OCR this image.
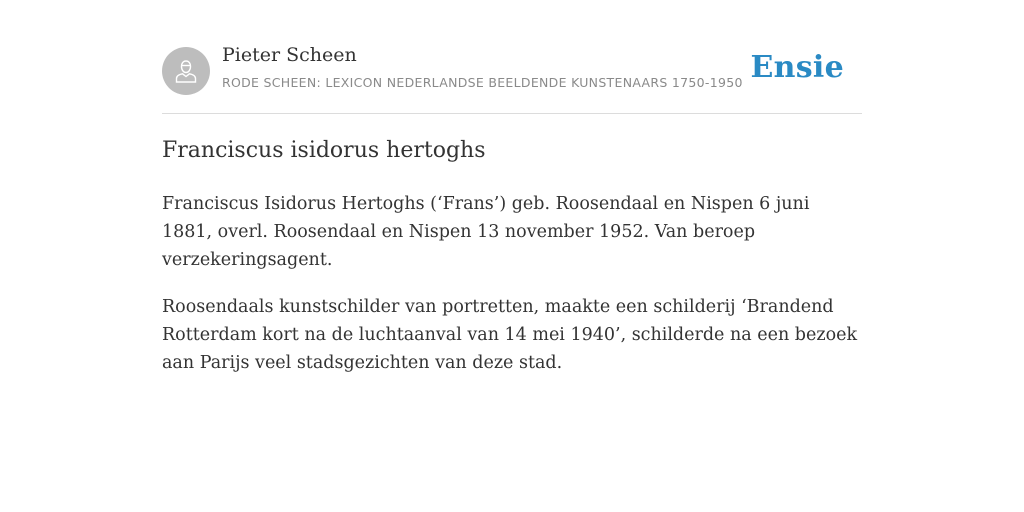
Pieter Scheen
RODE SCHEEN: LEXICON NEDERLANDSE BEELDENDE KUNSTENAARS 1750-1950 Ensie
Franciscus isidorus hertoghs

Franciscus Isidorus Hertoghs (‘Frans’) geb. Roosendaal en Nispen 6 juni 1881, overl. Roosendaal en Nispen 13 november 1952. Van beroep verzekeringsagent.

Roosendaals kunstschilder van portretten, maakte een schilderij ‘Brandend Rotterdam kort na de luchtaanval van 14 mei 1940’, schilderde na een bezoek aan Parijs veel stadsgezichten van deze stad.
